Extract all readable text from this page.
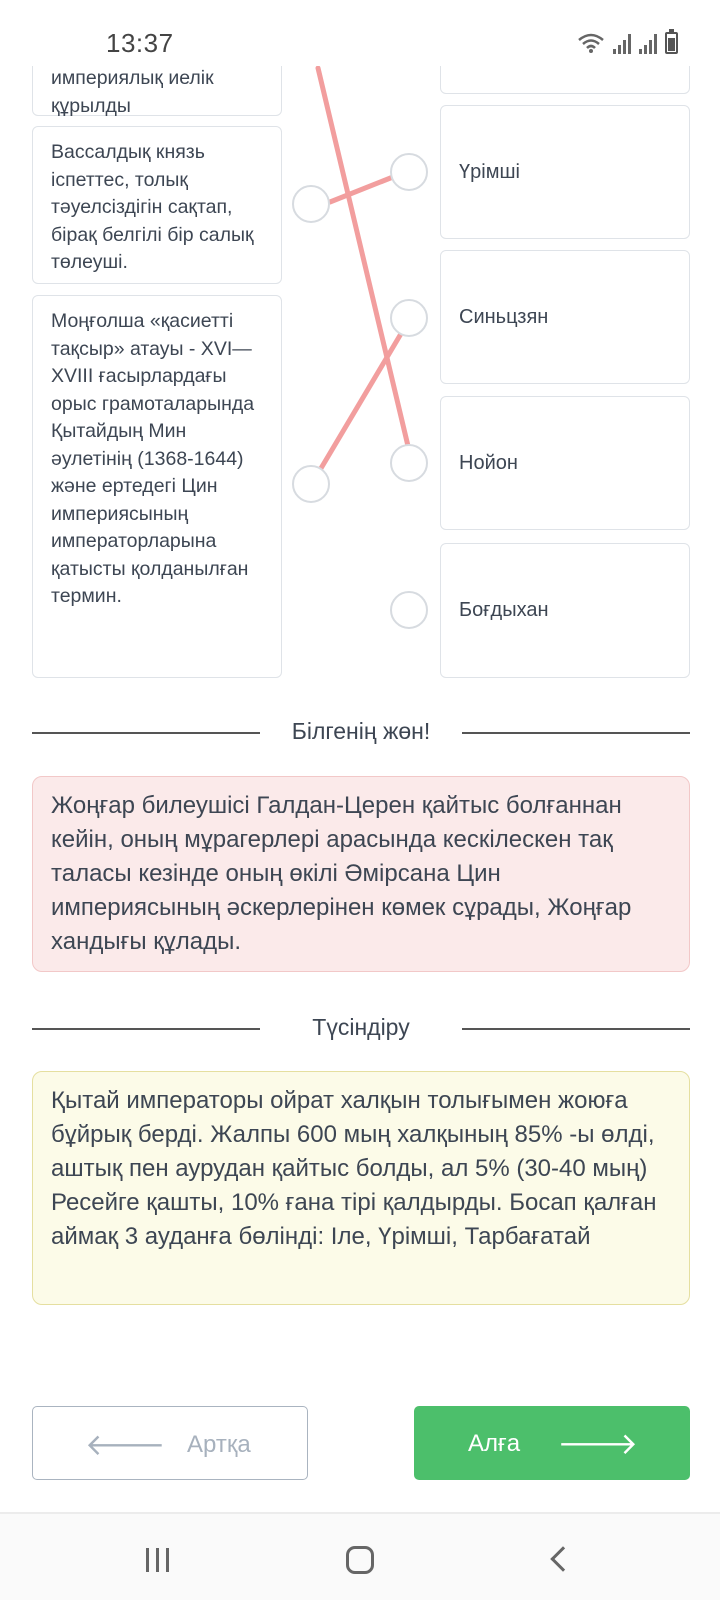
империялық иелік құрылды
Вассалдық князь іспеттес, толық тәуелсіздігін сақтап, бірақ белгілі бір салық төлеуші.
Моңғолша «қасиетті тақсыр» атауы - XVI—XVIII ғасырлардағы орыс грамоталарында Қытайдың Мин әулетінің (1368-1644) және ертедегі Цин империясының императорларына қатысты қолданылған термин.
Үрімші
Синьцзян
Нойон
Боғдыхан
13:37
Білгенің жөн!
Жоңғар билеушісі Галдан-Церен қайтыс болғаннан кейін, оның мұрагерлері арасында кескілескен тақ таласы кезінде оның өкілі Әмірсана Цин империясының әскерлерінен көмек сұрады, Жоңғар хандығы құлады.
Түсіндіру
Қытай императоры ойрат халқын толығымен жоюға бұйрық берді. Жалпы 600 мың халқының 85% -ы өлді, аштық пен аурудан қайтыс болды, ал 5% (30-40 мың) Ресейге қашты, 10% ғана тірі қалдырды. Босап қалған аймақ 3 ауданға бөлінді: Іле, Үрімші, Тарбағатай
🡐 Артқа	Алға 🡒
